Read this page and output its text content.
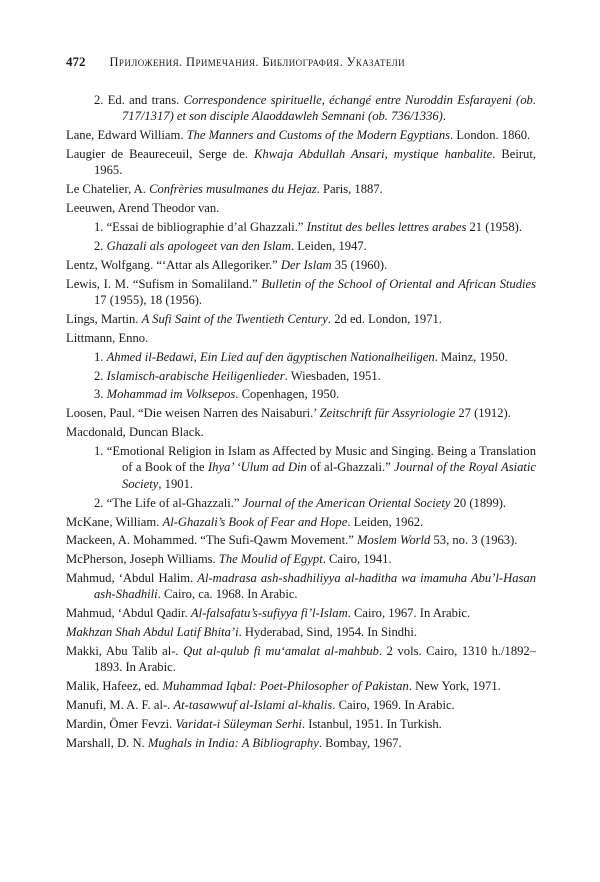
472 Приложения. Примечания. Библиография. Указатели

2. Ed. and trans. Correspondence spirituelle, échangé entre Nuroddin Esfarayeni (ob. 717/1317) et son disciple Alaoddawleh Semnani (ob. 736/1336).

Lane, Edward William. The Manners and Customs of the Modern Egyptians. London. 1860.

Laugier de Beaureceuil, Serge de. Khwaja Abdullah Ansari, mystique hanbalite. Beirut, 1965.

Le Chatelier, A. Confrèries musulmanes du Hejaz. Paris, 1887.

Leeuwen, Arend Theodor van.

1. “Essai de bibliographie d’al Ghazzali.” Institut des belles lettres arabes 21 (1958).

2. Ghazali als apologeet van den Islam. Leiden, 1947.

Lentz, Wolfgang. “‘Attar als Allegoriker.” Der Islam 35 (1960).

Lewis, I. M. “Sufism in Somaliland.” Bulletin of the School of Oriental and African Studies 17 (1955), 18 (1956).

Lings, Martin. A Sufi Saint of the Twentieth Century. 2d ed. London, 1971.

Littmann, Enno.

1. Ahmed il-Bedawi, Ein Lied auf den ägyptischen Nationalheiligen. Mainz, 1950.

2. Islamisch-arabische Heiligenlieder. Wiesbaden, 1951.

3. Mohammad im Volksepos. Copenhagen, 1950.

Loosen, Paul. “Die weisen Narren des Naisaburi.’ Zeitschrift für Assyriologie 27 (1912).

Macdonald, Duncan Black.

1. “Emotional Religion in Islam as Affected by Music and Singing. Being a Translation of a Book of the Ihya’ ‘Ulum ad Din of al-Ghazzali.” Journal of the Royal Asiatic Society, 1901.

2. “The Life of al-Ghazzali.” Journal of the American Oriental Society 20 (1899).

McKane, William. Al-Ghazali’s Book of Fear and Hope. Leiden, 1962.

Mackeen, A. Mohammed. “The Sufi-Qawm Movement.” Moslem World 53, no. 3 (1963).

McPherson, Joseph Williams. The Moulid of Egypt. Cairo, 1941.

Mahmud, ‘Abdul Halim. Al-madrasa ash-shadhiliyya al-haditha wa imamuha Abu’l-Hasan ash-Shadhili. Cairo, ca. 1968. In Arabic.

Mahmud, ‘Abdul Qadir. Al-falsafatu’s-sufiyya fi’l-Islam. Cairo, 1967. In Arabic.

Makhzan Shah Abdul Latif Bhita’i. Hyderabad, Sind, 1954. In Sindhi.

Makki, Abu Talib al-. Qut al-qulub fi mu‘amalat al-mahbub. 2 vols. Cairo, 1310 h./1892–1893. In Arabic.

Malik, Hafeez, ed. Muhammad Iqbal: Poet-Philosopher of Pakistan. New York, 1971.

Manufi, M. A. F. al-. At-tasawwuf al-Islami al-khalis. Cairo, 1969. In Arabic.

Mardin, Ömer Fevzi. Varidat-i Süleyman Serhi. Istanbul, 1951. In Turkish.

Marshall, D. N. Mughals in India: A Bibliography. Bombay, 1967.
